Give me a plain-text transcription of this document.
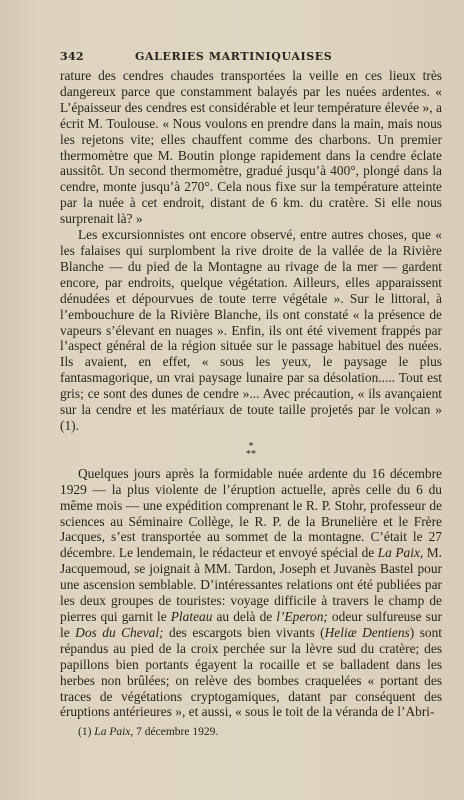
342	GALERIES MARTINIQUAISES

rature des cendres chaudes transportées la veille en ces lieux très dangereux parce que constamment balayés par les nuées ardentes. « L’épaisseur des cendres est considérable et leur température élevée », a écrit M. Toulouse. « Nous voulons en prendre dans la main, mais nous les rejetons vite; elles chauffent comme des charbons. Un premier thermomètre que M. Boutin plonge rapidement dans la cendre éclate aussitôt. Un second thermomètre, gradué jusqu’à 400°, plongé dans la cendre, monte jusqu’à 270°. Cela nous fixe sur la température atteinte par la nuée à cet endroit, distant de 6 km. du cratère. Si elle nous surprenait là? »

Les excursionnistes ont encore observé, entre autres choses, que « les falaises qui surplombent la rive droite de la vallée de la Rivière Blanche — du pied de la Montagne au rivage de la mer — gardent encore, par endroits, quelque végétation. Ailleurs, elles apparaissent dénudées et dépourvues de toute terre végétale ». Sur le littoral, à l’embouchure de la Rivière Blanche, ils ont constaté « la présence de vapeurs s’élevant en nuages ». Enfin, ils ont été vivement frappés par l’aspect général de la région située sur le passage habituel des nuées. Ils avaient, en effet, « sous les yeux, le paysage le plus fantasmagorique, un vrai paysage lunaire par sa désolation..... Tout est gris; ce sont des dunes de cendre »... Avec précaution, « ils avançaient sur la cendre et les matériaux de toute taille projetés par le volcan » (1).

*
**

Quelques jours après la formidable nuée ardente du 16 décembre 1929 — la plus violente de l’éruption actuelle, après celle du 6 du même mois — une expédition comprenant le R. P. Stohr, professeur de sciences au Séminaire Collège, le R. P. de la Brunelière et le Frère Jacques, s’est transportée au sommet de la montagne. C’était le 27 décembre. Le lendemain, le rédacteur et envoyé spécial de La Paix, M. Jacquemoud, se joignait à MM. Tardon, Joseph et Juvanès Bastel pour une ascension semblable. D’intéressantes relations ont été publiées par les deux groupes de touristes: voyage difficile à travers le champ de pierres qui garnit le Plateau au delà de l’Eperon; odeur sulfureuse sur le Dos du Cheval; des escargots bien vivants (Heliæ Dentiens) sont répandus au pied de la croix perchée sur la lèvre sud du cratère; des papillons bien portants égayent la rocaille et se balladent dans les herbes non brûlées; on relève des bombes craquelées « portant des traces de végétations cryptogamiques, datant par conséquent des éruptions antérieures », et aussi, « sous le toit de la véranda de l’Abri-

(1) La Paix, 7 décembre 1929.
